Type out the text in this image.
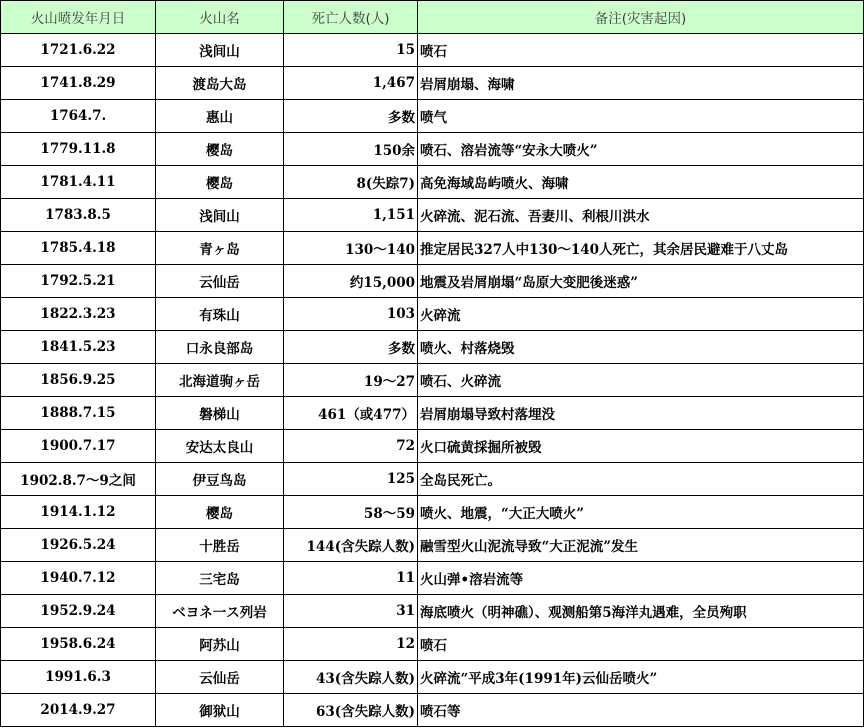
火山喷发年月日	火山名	死亡人数(人)	备注(灾害起因)
1721.6.22	浅间山	15	喷石
1741.8.29	渡岛大岛	1,467	岩屑崩塌、海啸
1764.7.	惠山	多数	喷气
1779.11.8	樱岛	150余	喷石、溶岩流等“安永大喷火”
1781.4.11	樱岛	8(失踪7)	高免海域岛屿喷火、海啸
1783.8.5	浅间山	1,151	火碎流、泥石流、吾妻川、利根川洪水
1785.4.18	青ヶ岛	130～140	推定居民327人中130～140人死亡，其余居民避难于八丈岛
1792.5.21	云仙岳	约15,000	地震及岩屑崩塌“岛原大变肥後迷惑”
1822.3.23	有珠山	103	火碎流
1841.5.23	口永良部岛	多数	喷火、村落烧毁
1856.9.25	北海道驹ヶ岳	19～27	喷石、火碎流
1888.7.15	磐梯山	461（或477）	岩屑崩塌导致村落埋没
1900.7.17	安达太良山	72	火口硫黄採掘所被毁
1902.8.7～9之间	伊豆鸟岛	125	全岛民死亡。
1914.1.12	樱岛	58～59	喷火、地震，“大正大喷火”
1926.5.24	十胜岳	144(含失踪人数)	融雪型火山泥流导致“大正泥流”发生
1940.7.12	三宅岛	11	火山弹•溶岩流等
1952.9.24	ベヨネ一ス列岩	31	海底喷火（明神礁）、观测船第5海洋丸遇难，全员殉职
1958.6.24	阿苏山	12	喷石
1991.6.3	云仙岳	43(含失踪人数)	火碎流“平成3年(1991年)云仙岳喷火”
2014.9.27	御狱山	63(含失踪人数)	喷石等
